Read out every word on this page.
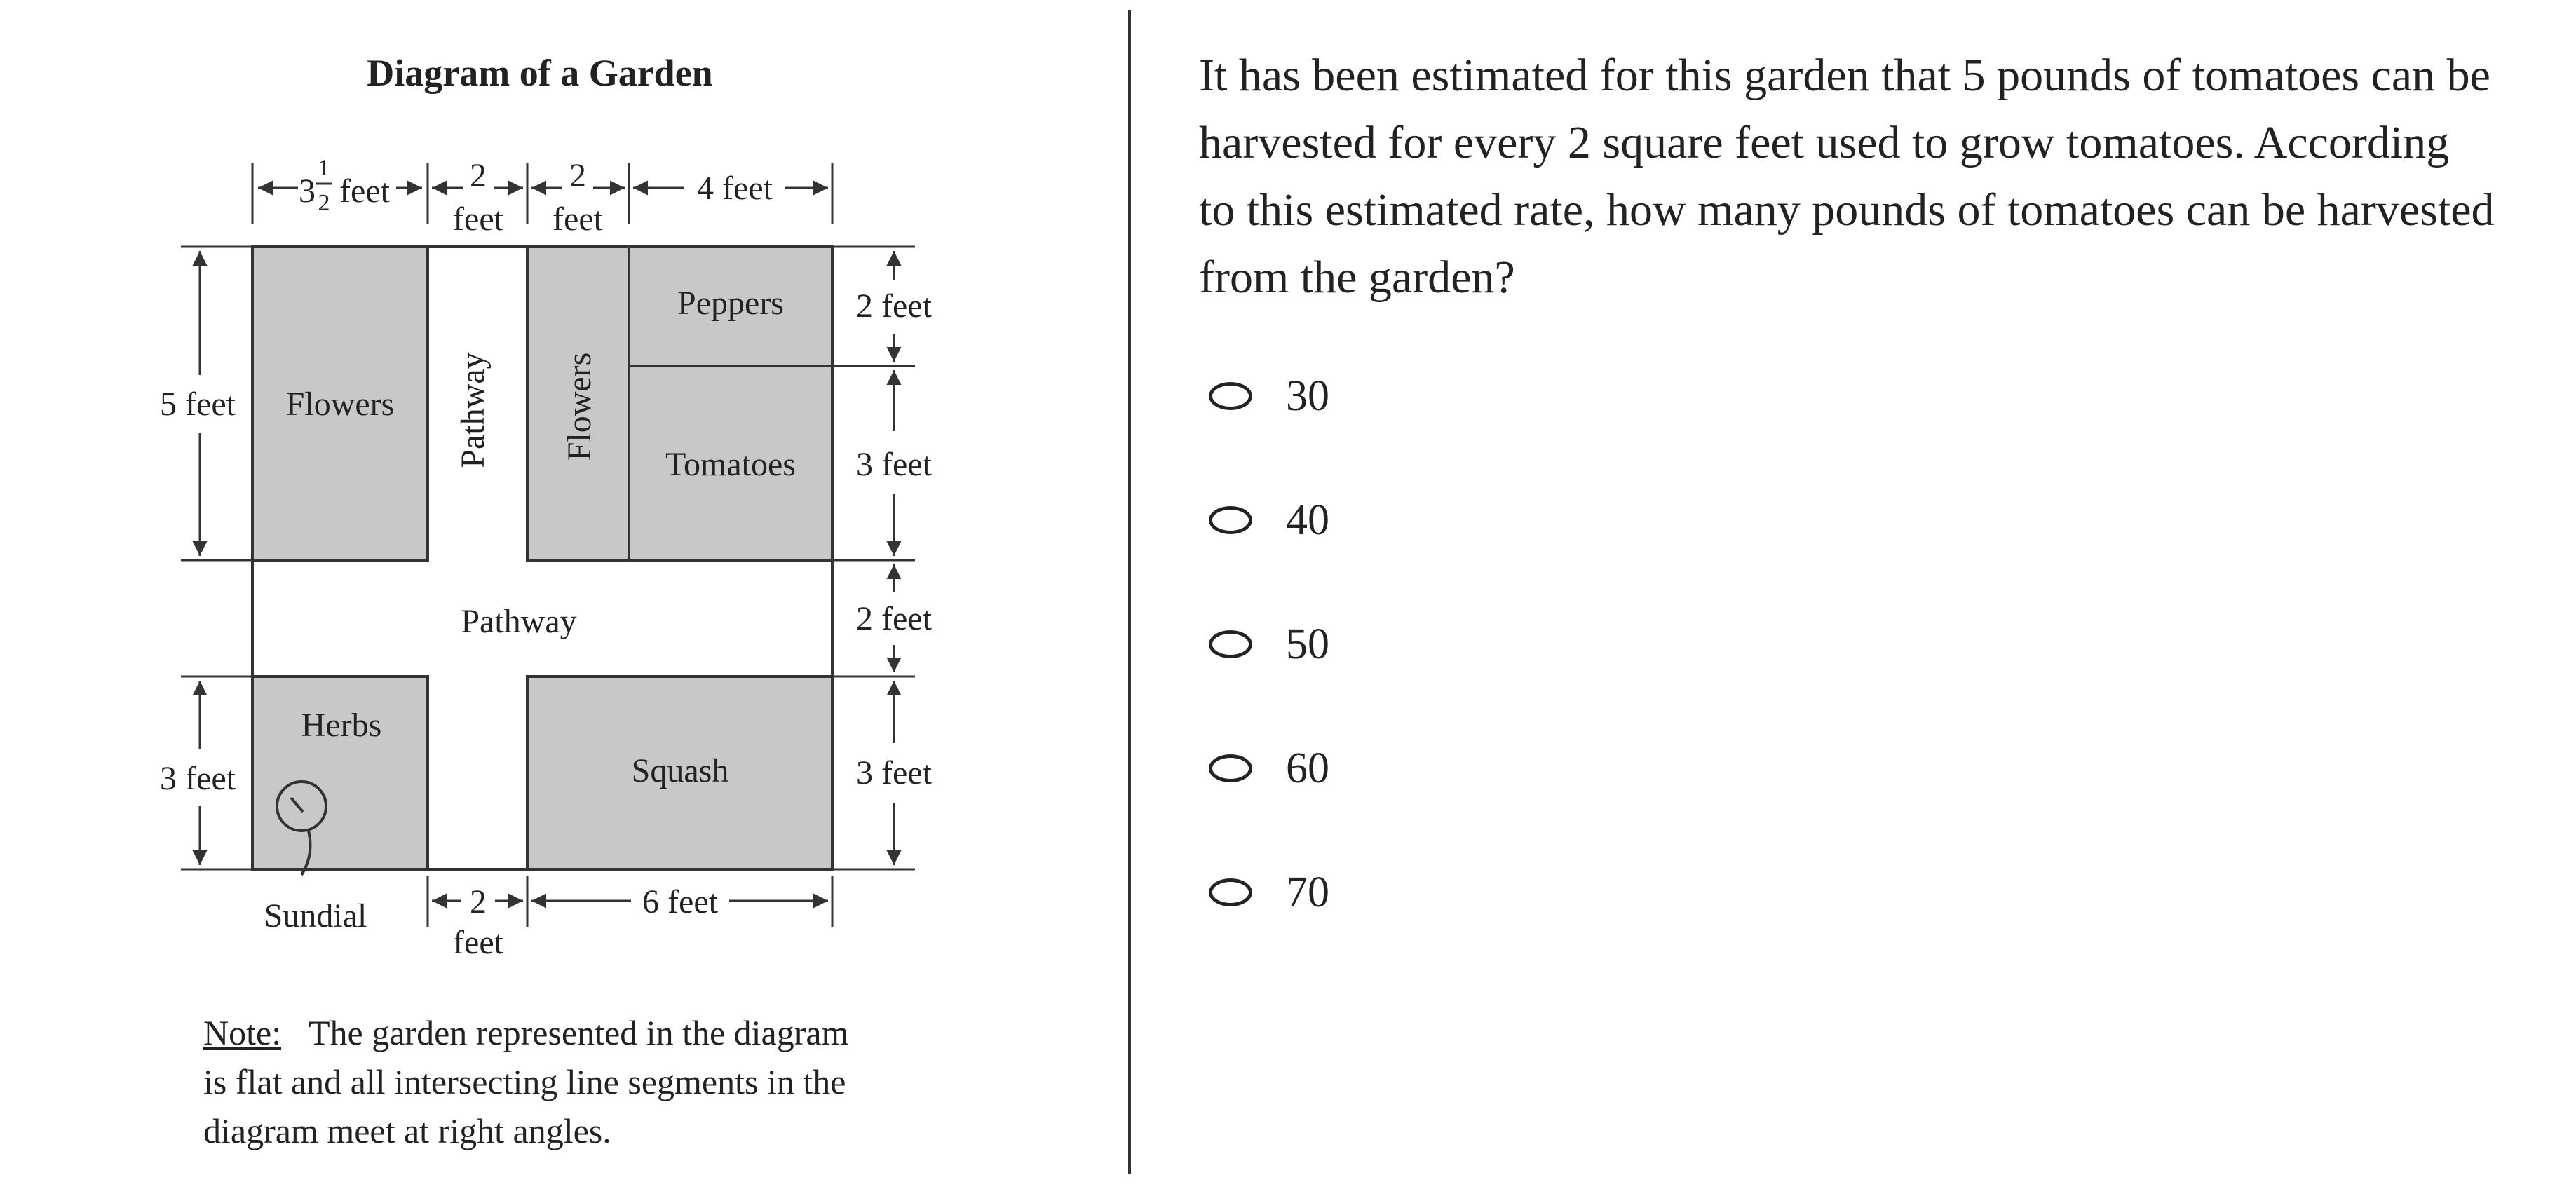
Diagram of a Garden
Flowers Pathway Flowers
Peppers
Tomatoes
Pathway
Herbs
Squash
Sundial
3
1
2 feet 2
feet
2
feet
4 feet
2 feet
3 feet
2 feet
3 feet
5 feet
3 feet
2
feet
6 feet
Note: The garden represented in the diagram
is flat and all intersecting line segments in the
diagram meet at right angles.

It has been estimated for this garden that 5 pounds of tomatoes can be harvested for every 2 square feet used to grow tomatoes. According to this estimated rate, how many pounds of tomatoes can be harvested from the garden?

30
40
50
60
70
